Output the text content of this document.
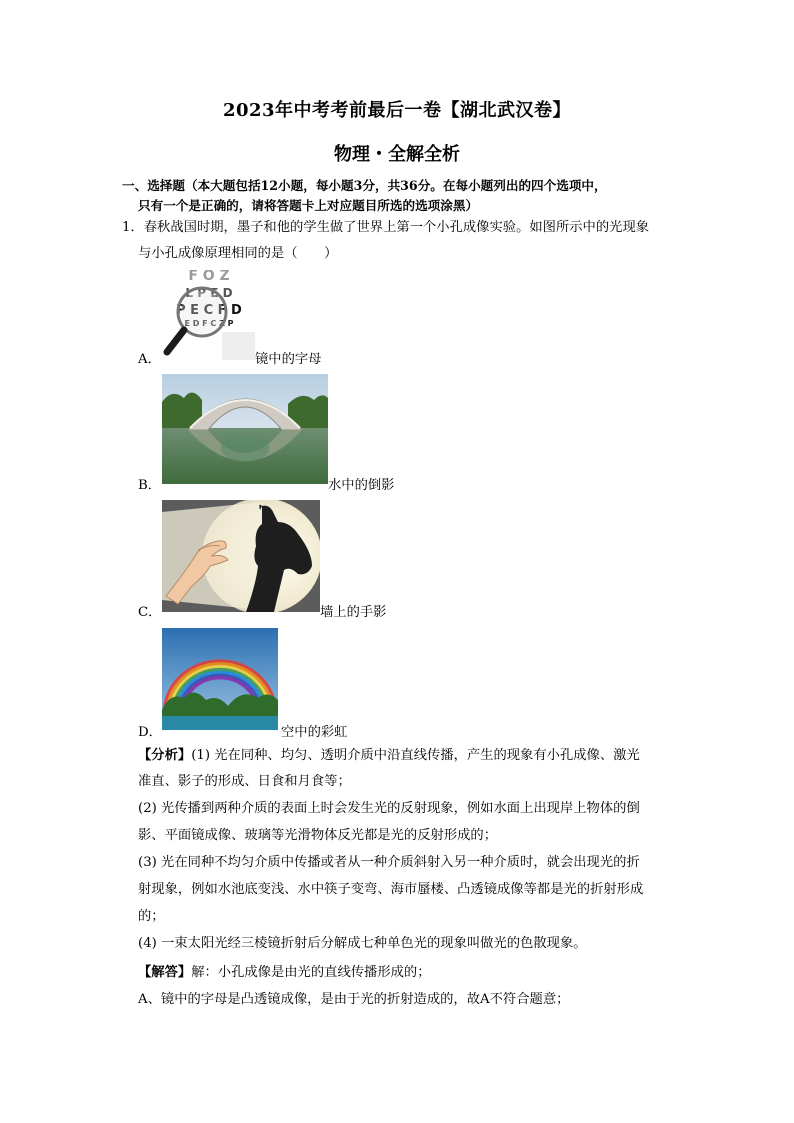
2023年中考考前最后一卷【湖北武汉卷】
物理・全解全析
一、选择题（本大题包括12小题，每小题3分，共36分。在每小题列出的四个选项中，
只有一个是正确的，请将答题卡上对应题目所选的选项涂黑）
1．春秋战国时期，墨子和他的学生做了世界上第一个小孔成像实验。如图所示中的光现象
与小孔成像原理相同的是（　　）
F O Z
L P E D
P E C F D
E D F C Z P
A．	镜中的字母
B．	水中的倒影
C．	墙上的手影
D．	空中的彩虹
【分析】(1) 光在同种、均匀、透明介质中沿直线传播，产生的现象有小孔成像、激光
准直、影子的形成、日食和月食等；
(2) 光传播到两种介质的表面上时会发生光的反射现象，例如水面上出现岸上物体的倒
影、平面镜成像、玻璃等光滑物体反光都是光的反射形成的；
(3) 光在同种不均匀介质中传播或者从一种介质斜射入另一种介质时，就会出现光的折
射现象，例如水池底变浅、水中筷子变弯、海市蜃楼、凸透镜成像等都是光的折射形成
的；
(4) 一束太阳光经三棱镜折射后分解成七种单色光的现象叫做光的色散现象。
【解答】解：小孔成像是由光的直线传播形成的；
A、镜中的字母是凸透镜成像，是由于光的折射造成的，故A不符合题意；
